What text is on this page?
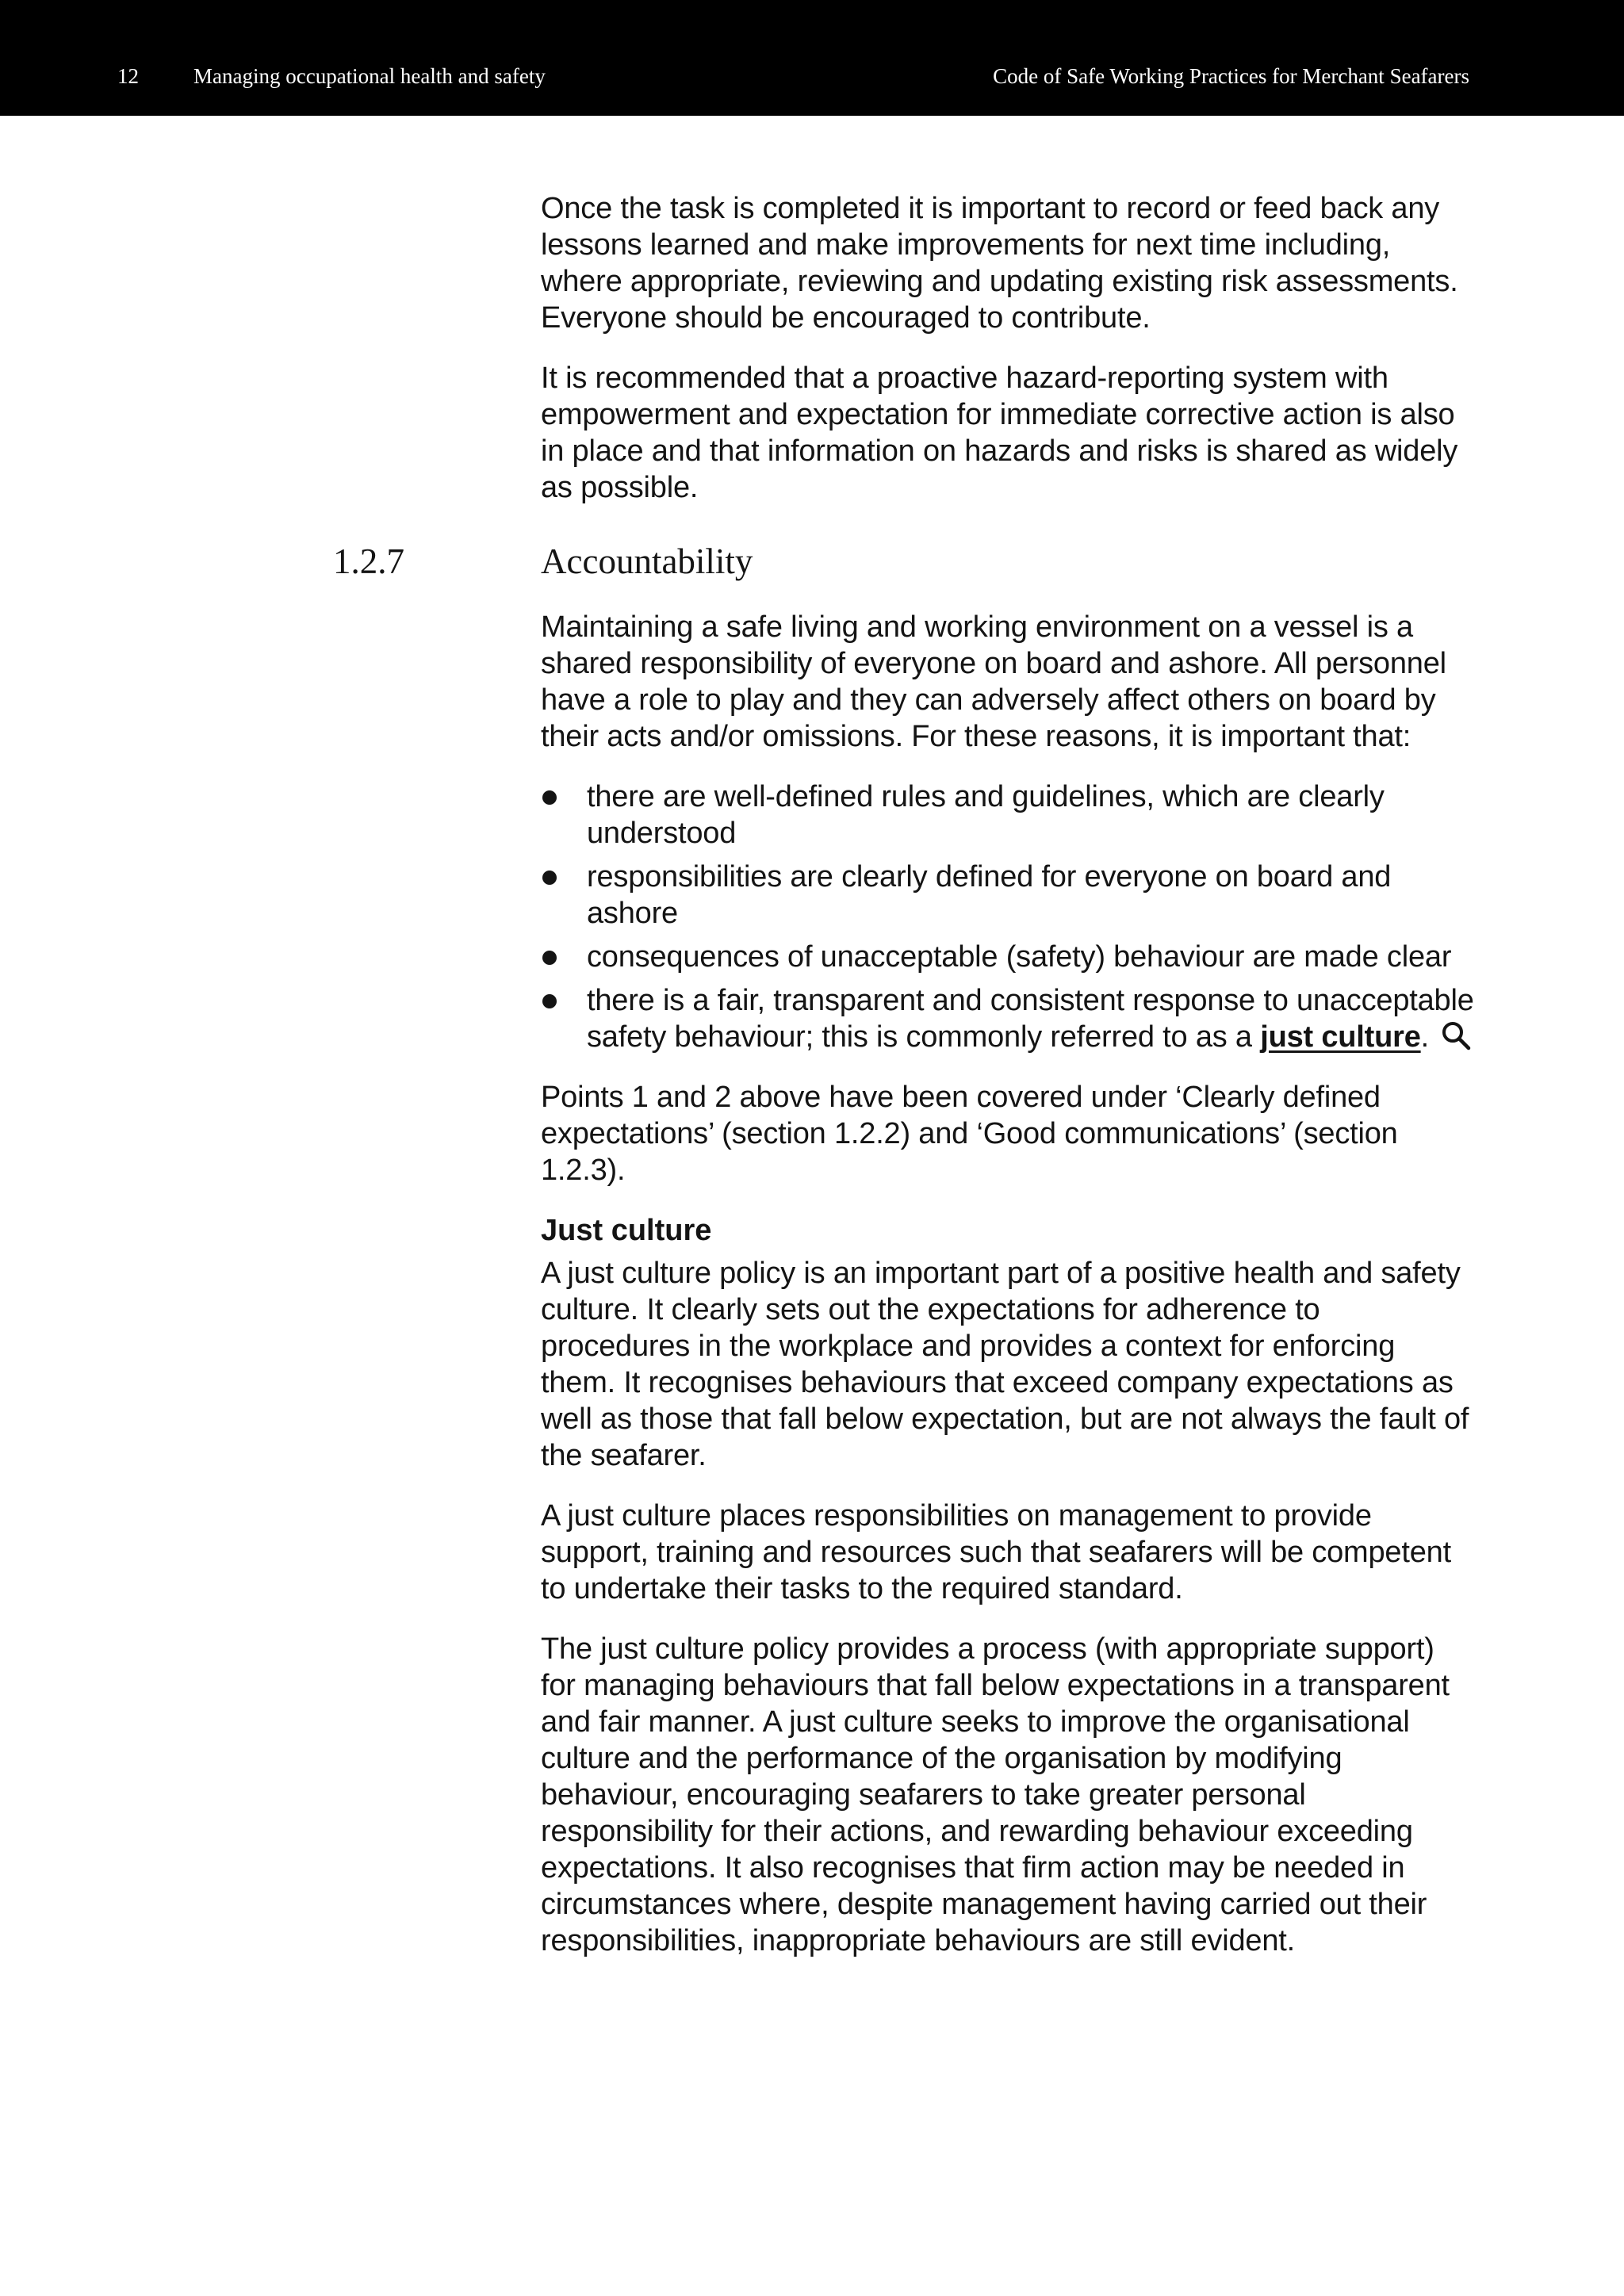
12	Managing occupational health and safety	Code of Safe Working Practices for Merchant Seafarers

Once the task is completed it is important to record or feed back any lessons learned and make improvements for next time including, where appropriate, reviewing and updating existing risk assessments. Everyone should be encouraged to contribute.

It is recommended that a proactive hazard-reporting system with empowerment and expectation for immediate corrective action is also in place and that information on hazards and risks is shared as widely as possible.

1.2.7	Accountability

Maintaining a safe living and working environment on a vessel is a shared responsibility of everyone on board and ashore. All personnel have a role to play and they can adversely affect others on board by their acts and/or omissions. For these reasons, it is important that:

there are well-defined rules and guidelines, which are clearly understood
responsibilities are clearly defined for everyone on board and ashore
consequences of unacceptable (safety) behaviour are made clear
there is a fair, transparent and consistent response to unacceptable safety behaviour; this is commonly referred to as a just culture.

Points 1 and 2 above have been covered under ‘Clearly defined expectations’ (section 1.2.2) and ‘Good communications’ (section 1.2.3).

Just culture

A just culture policy is an important part of a positive health and safety culture. It clearly sets out the expectations for adherence to procedures in the workplace and provides a context for enforcing them. It recognises behaviours that exceed company expectations as well as those that fall below expectation, but are not always the fault of the seafarer.

A just culture places responsibilities on management to provide support, training and resources such that seafarers will be competent to undertake their tasks to the required standard.

The just culture policy provides a process (with appropriate support) for managing behaviours that fall below expectations in a transparent and fair manner. A just culture seeks to improve the organisational culture and the performance of the organisation by modifying behaviour, encouraging seafarers to take greater personal responsibility for their actions, and rewarding behaviour exceeding expectations. It also recognises that firm action may be needed in circumstances where, despite management having carried out their responsibilities, inappropriate behaviours are still evident.
